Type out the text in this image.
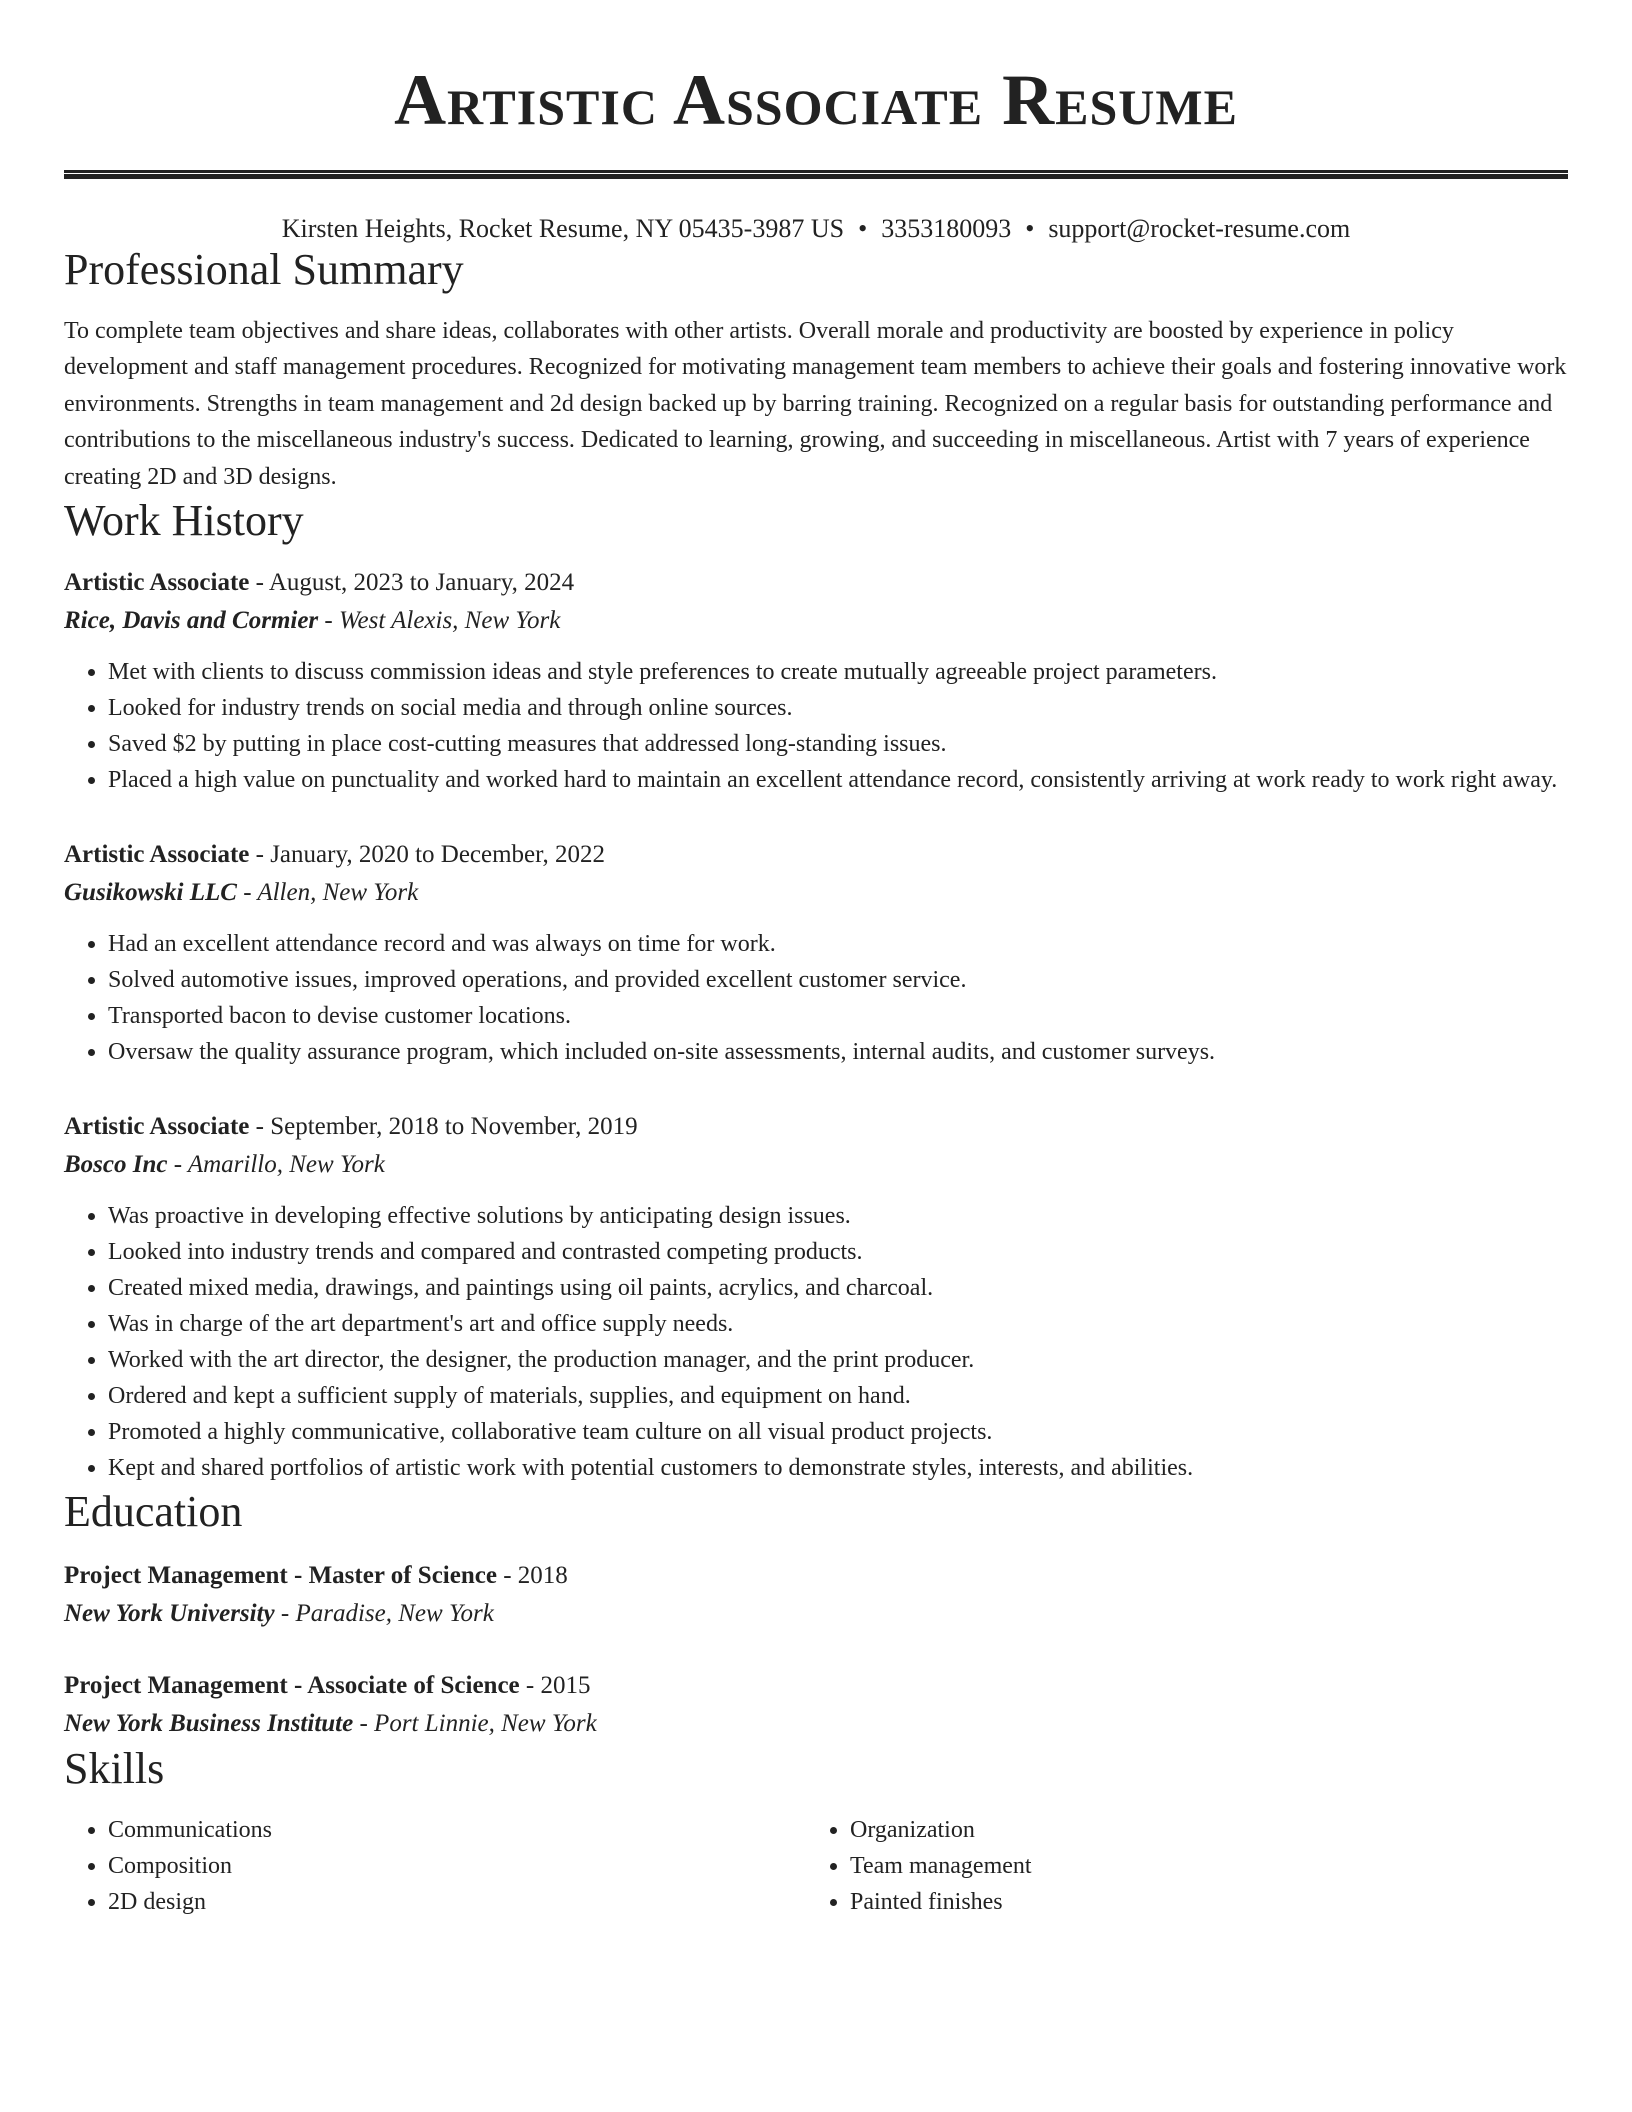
Artistic Associate Resume
Kirsten Heights, Rocket Resume, NY 05435-3987 US • 3353180093 • support@rocket-resume.com
Professional Summary

To complete team objectives and share ideas, collaborates with other artists. Overall morale and productivity are boosted by experience in policy development and staff management procedures. Recognized for motivating management team members to achieve their goals and fostering innovative work environments. Strengths in team management and 2d design backed up by barring training. Recognized on a regular basis for outstanding performance and contributions to the miscellaneous industry's success. Dedicated to learning, growing, and succeeding in miscellaneous. Artist with 7 years of experience creating 2D and 3D designs.

Work History
Artistic Associate - August, 2023 to January, 2024
Rice, Davis and Cormier - West Alexis, New York
• Met with clients to discuss commission ideas and style preferences to create mutually agreeable project parameters.
• Looked for industry trends on social media and through online sources.
• Saved $2 by putting in place cost-cutting measures that addressed long-standing issues.
• Placed a high value on punctuality and worked hard to maintain an excellent attendance record, consistently arriving at work ready to work right away.
Artistic Associate - January, 2020 to December, 2022
Gusikowski LLC - Allen, New York
• Had an excellent attendance record and was always on time for work.
• Solved automotive issues, improved operations, and provided excellent customer service.
• Transported bacon to devise customer locations.
• Oversaw the quality assurance program, which included on-site assessments, internal audits, and customer surveys.
Artistic Associate - September, 2018 to November, 2019
Bosco Inc - Amarillo, New York
• Was proactive in developing effective solutions by anticipating design issues.
• Looked into industry trends and compared and contrasted competing products.
• Created mixed media, drawings, and paintings using oil paints, acrylics, and charcoal.
• Was in charge of the art department's art and office supply needs.
• Worked with the art director, the designer, the production manager, and the print producer.
• Ordered and kept a sufficient supply of materials, supplies, and equipment on hand.
• Promoted a highly communicative, collaborative team culture on all visual product projects.
• Kept and shared portfolios of artistic work with potential customers to demonstrate styles, interests, and abilities.
Education
Project Management - Master of Science - 2018
New York University - Paradise, New York
Project Management - Associate of Science - 2015
New York Business Institute - Port Linnie, New York
Skills
• Communications
• Composition
• 2D design
• Organization
• Team management
• Painted finishes
